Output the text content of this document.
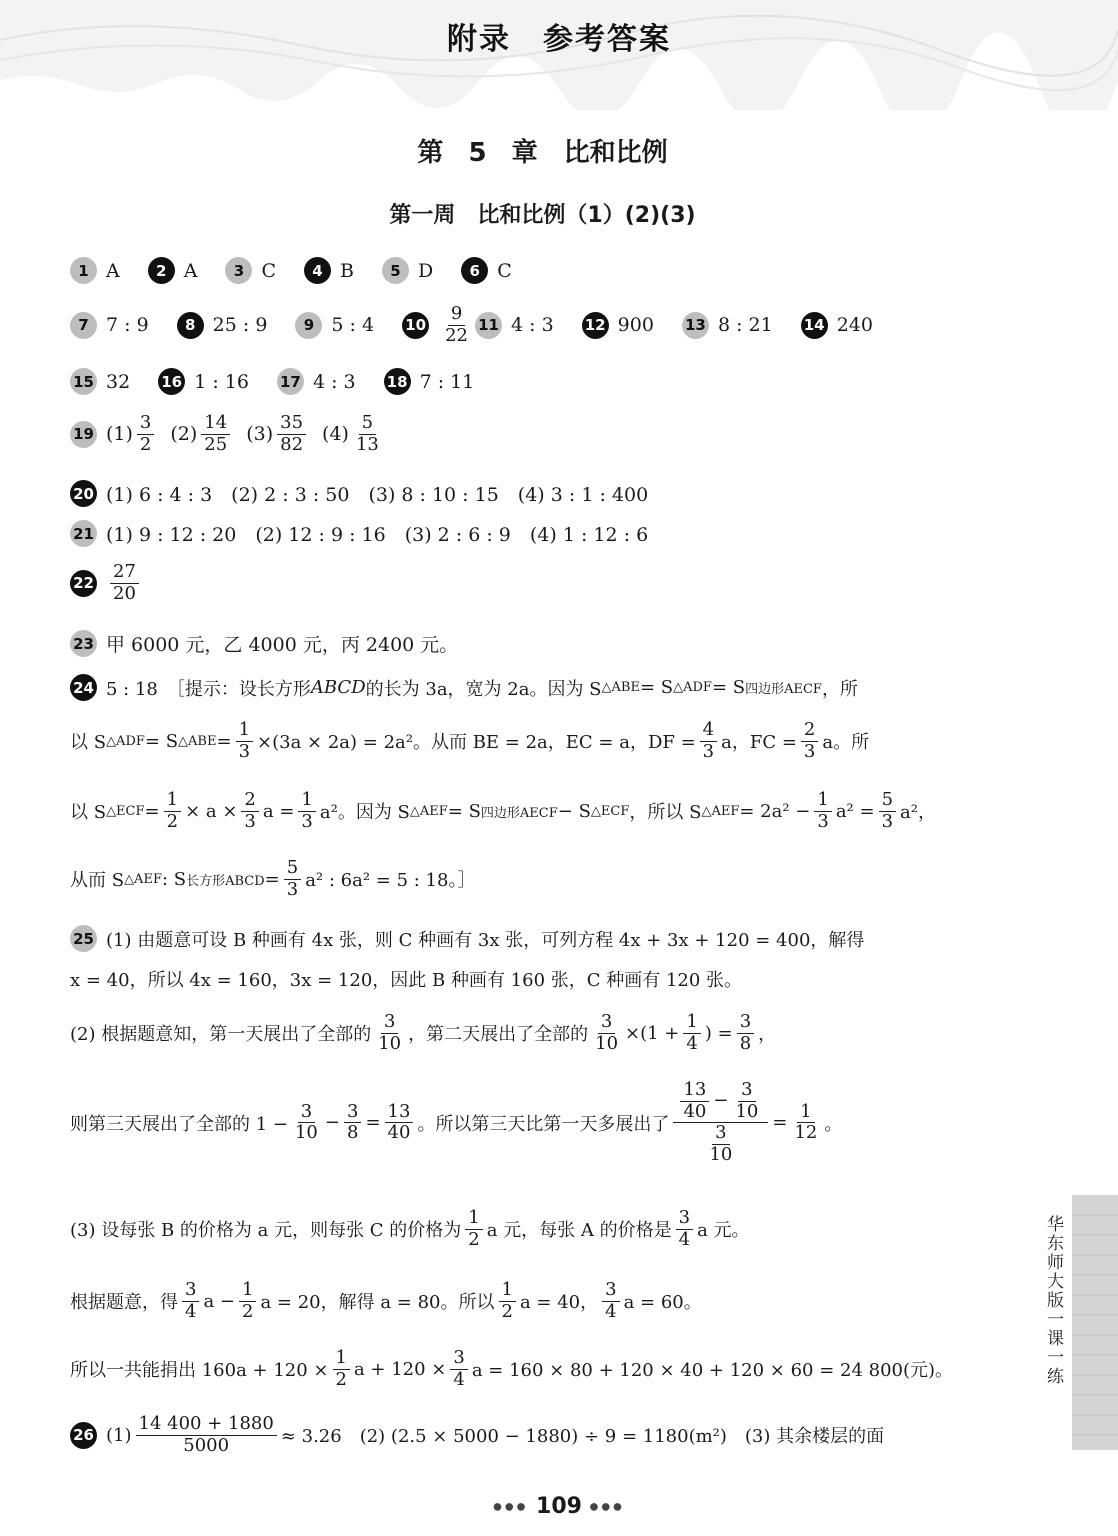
附录　参考答案
第 5 章　比和比例
第一周　比和比例（1）(2)(3)
1 A	2 A	3 C	4 B	5 D	6 C
7 7 : 9	8 25 : 9	9 5 : 4 $10 \frac{9}{22} 11$ 4 : 3 12 900 13 8 : 21 14 240
15 32 16 1 : 16 17 4 : 3 18 7 : 11
19 $(1) \frac{3}{2} (2) \frac{14}{25} (3) \frac{35}{82} (4) \frac{5}{13}$
20 (1) 6 : 4 : 3　(2) 2 : 3 : 50　(3) 8 : 10 : 15　(4) 3 : 1 : 400
21 (1) 9 : 12 : 20　(2) 12 : 9 : 16　(3) 2 : 6 : 9　(4) 1 : 12 : 6
$22 \frac{27}{20}$
23 甲 6000 元，乙 4000 元，丙 2400 元。
24 5 : 18　［提示：设长方形 ABCD 的长为 3a，宽为 2a。因为 S △ABE = S △ADF = S 四边形AECF ，所
以 S △ADF = S △ABE = $\frac{1}{3} \times(3a \times 2a) = 2a^2$。从而 BE = 2a，EC = a，DF = $\frac{4}{3}$ a，FC = $\frac{2}{3}$ a。所
以 S △ECF = $\frac{1}{2} \times a \times \frac{2}{3}$ $a = \frac{1}{3} a^2$。因为 S △AEF = S 四边形AECF − S △ECF ，所以 S △AEF = $2a^2 - \frac{1}{3} a^2 = \frac{5}{3} a^2$，
从而 S △AEF : S 长方形ABCD = $\frac{5}{3} a^2$ : 6a² = 5 : 18。］
25 (1) 由题意可设 B 种画有 4x 张，则 C 种画有 3x 张，可列方程 4x + 3x + 120 = 400，解得
x = 40，所以 4x = 160，3x = 120，因此 B 种画有 160 张，C 种画有 120 张。
(2) 根据题意知，第一天展出了全部的 $\frac{3}{10}$ ，第二天展出了全部的 $\frac{3}{10} \times(1 + \frac{1}{4}$ ) = $\frac{3}{8}$ ，
则第三天展出了全部的 $1 - \frac{3}{10} - \frac{3}{8} = \frac{13}{40}$ 。所以第三天比第一天多展出了 $\frac{\frac{13}{40} - \frac{3}{10}}{\frac{3}{10}} = \frac{1}{12}$ 。
(3) 设每张 B 的价格为 a 元，则每张 C 的价格为 $\frac{1}{2}$ a 元，每张 A 的价格是 $\frac{3}{4}$ a 元。
根据题意，得 $\frac{3}{4}$ $a - \frac{1}{2}$ a = 20，解得 a = 80。所以 $\frac{1}{2}$ a = 40， $\frac{3}{4}$ a = 60。
所以一共能捐出 $160a + 120 \times \frac{1}{2}$ $a + 120 \times \frac{3}{4}$ a = 160 × 80 + 120 × 40 + 120 × 60 = 24 800(元)。
26 $(1) \frac{14 400 + 1880}{5000} \approx 3.26$　(2) (2.5 × 5000 − 1880) ÷ 9 = 1180(m²)　(3) 其余楼层的面
华东师大版一课一练
●●● 109 ●●●
